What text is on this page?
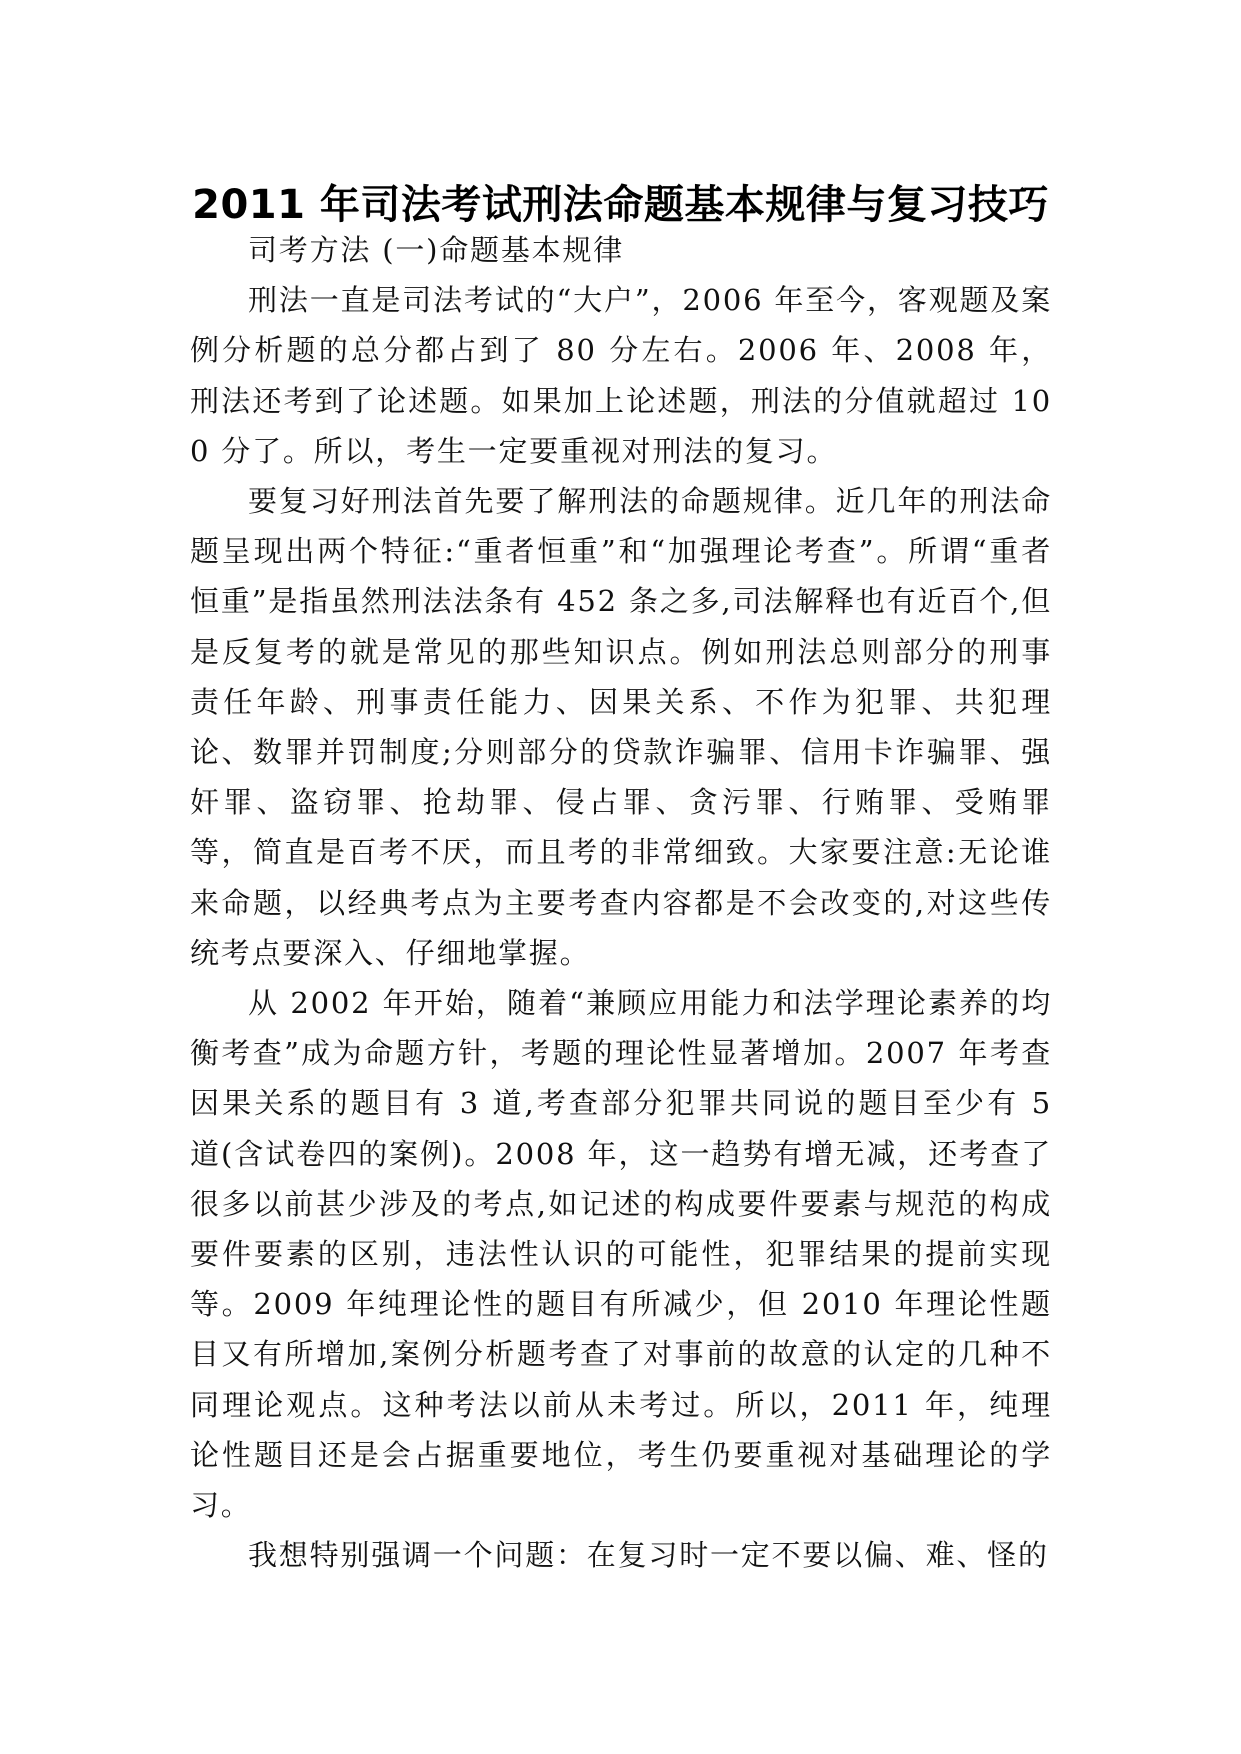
2011 年司法考试刑法命题基本规律与复习技巧

司考方法 (一)命题基本规律

刑法一直是司法考试的“大户”，2006 年至今，客观题及案例分析题的总分都占到了 80 分左右。2006 年、2008 年，刑法还考到了论述题。如果加上论述题，刑法的分值就超过 100 分了。所以，考生一定要重视对刑法的复习。

要复习好刑法首先要了解刑法的命题规律。近几年的刑法命题呈现出两个特征:“重者恒重”和“加强理论考查”。所谓“重者恒重”是指虽然刑法法条有 452 条之多,司法解释也有近百个,但是反复考的就是常见的那些知识点。例如刑法总则部分的刑事责任年龄、刑事责任能力、因果关系、不作为犯罪、共犯理论、数罪并罚制度;分则部分的贷款诈骗罪、信用卡诈骗罪、强奸罪、盗窃罪、抢劫罪、侵占罪、贪污罪、行贿罪、受贿罪等，简直是百考不厌，而且考的非常细致。大家要注意:无论谁来命题，以经典考点为主要考查内容都是不会改变的,对这些传统考点要深入、仔细地掌握。

从 2002 年开始，随着“兼顾应用能力和法学理论素养的均衡考查”成为命题方针，考题的理论性显著增加。2007 年考查因果关系的题目有 3 道,考查部分犯罪共同说的题目至少有 5 道(含试卷四的案例)。2008 年，这一趋势有增无减，还考查了很多以前甚少涉及的考点,如记述的构成要件要素与规范的构成要件要素的区别，违法性认识的可能性，犯罪结果的提前实现等。2009 年纯理论性的题目有所减少，但 2010 年理论性题目又有所增加,案例分析题考查了对事前的故意的认定的几种不同理论观点。这种考法以前从未考过。所以，2011 年，纯理论性题目还是会占据重要地位，考生仍要重视对基础理论的学习。

我想特别强调一个问题：在复习时一定不要以偏、难、怪的
